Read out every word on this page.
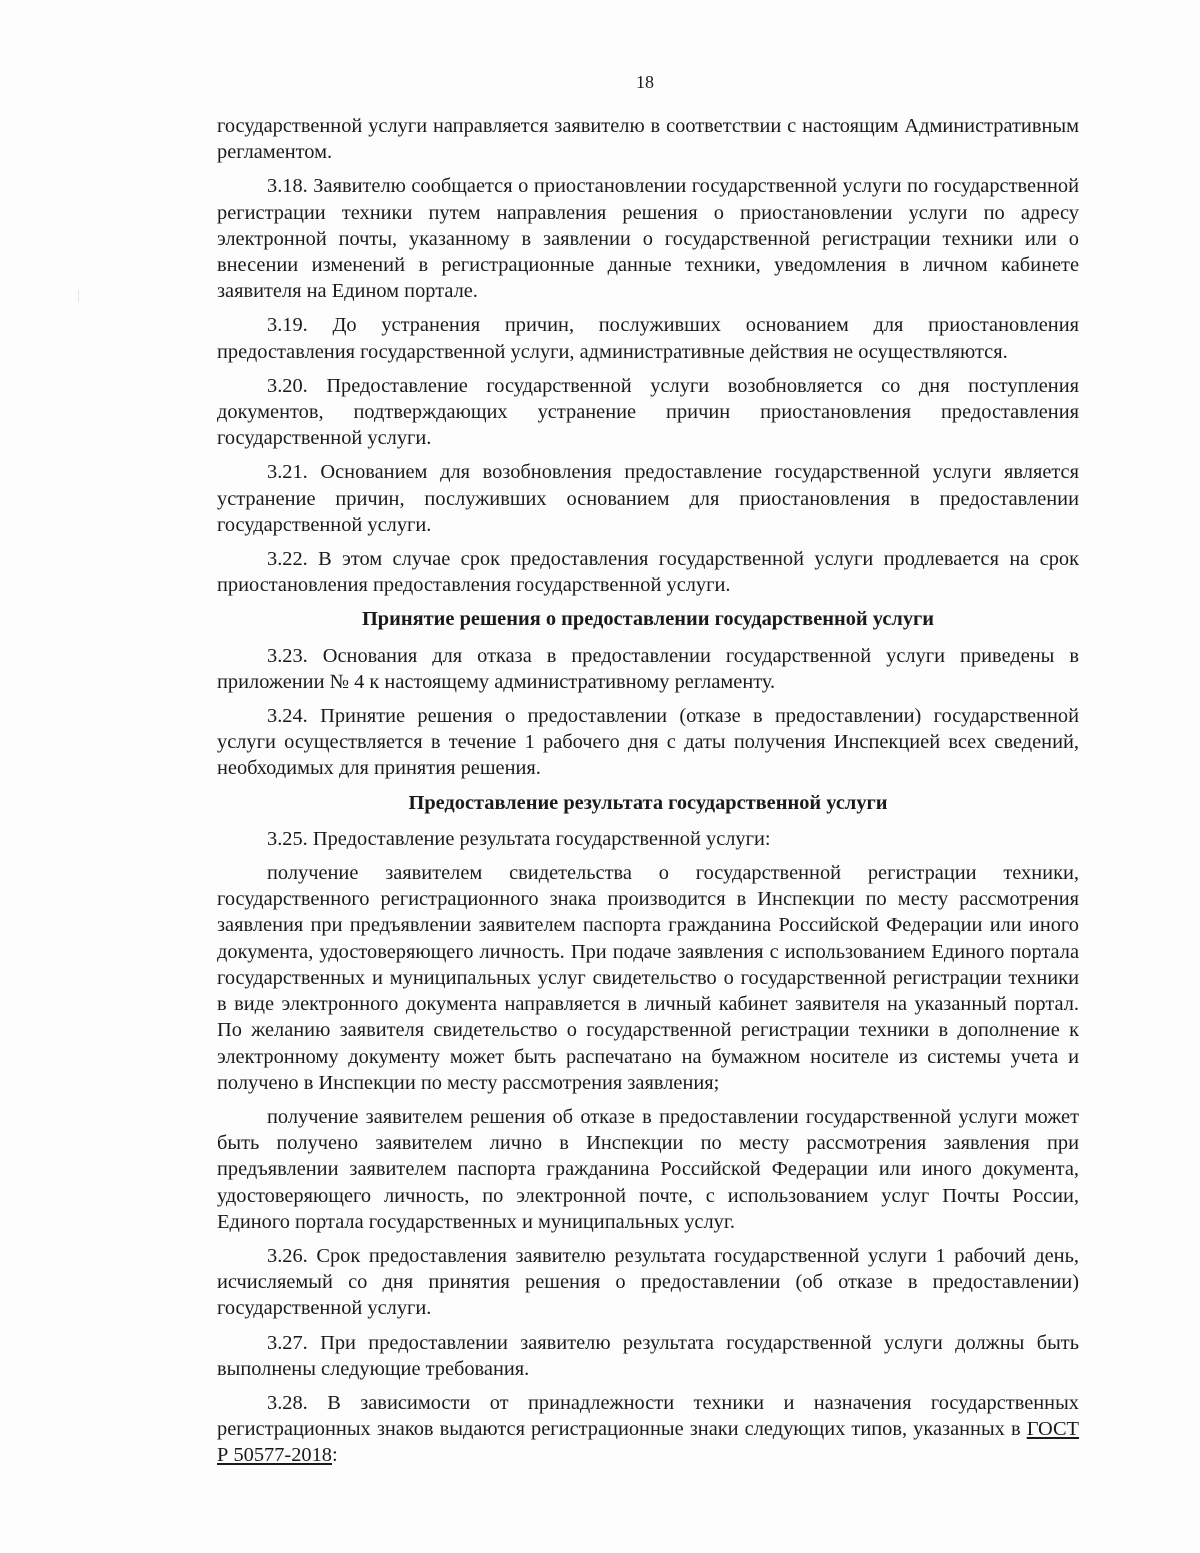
18

государственной услуги направляется заявителю в соответствии с настоящим Административным регламентом.

3.18. Заявителю сообщается о приостановлении государственной услуги по государственной регистрации техники путем направления решения о приостановлении услуги по адресу электронной почты, указанному в заявлении о государственной регистрации техники или о внесении изменений в регистрационные данные техники, уведомления в личном кабинете заявителя на Едином портале.

3.19. До устранения причин, послуживших основанием для приостановления предоставления государственной услуги, административные действия не осуществляются.

3.20. Предоставление государственной услуги возобновляется со дня поступления документов, подтверждающих устранение причин приостановления предоставления государственной услуги.

3.21. Основанием для возобновления предоставление государственной услуги является устранение причин, послуживших основанием для приостановления в предоставлении государственной услуги.

3.22. В этом случае срок предоставления государственной услуги продлевается на срок приостановления предоставления государственной услуги.

Принятие решения о предоставлении государственной услуги

3.23. Основания для отказа в предоставлении государственной услуги приведены в приложении № 4 к настоящему административному регламенту.

3.24. Принятие решения о предоставлении (отказе в предоставлении) государственной услуги осуществляется в течение 1 рабочего дня с даты получения Инспекцией всех сведений, необходимых для принятия решения.

Предоставление результата государственной услуги

3.25. Предоставление результата государственной услуги:

получение заявителем свидетельства о государственной регистрации техники, государственного регистрационного знака производится в Инспекции по месту рассмотрения заявления при предъявлении заявителем паспорта гражданина Российской Федерации или иного документа, удостоверяющего личность. При подаче заявления с использованием Единого портала государственных и муниципальных услуг свидетельство о государственной регистрации техники в виде электронного документа направляется в личный кабинет заявителя на указанный портал. По желанию заявителя свидетельство о государственной регистрации техники в дополнение к электронному документу может быть распечатано на бумажном носителе из системы учета и получено в Инспекции по месту рассмотрения заявления;

получение заявителем решения об отказе в предоставлении государственной услуги может быть получено заявителем лично в Инспекции по месту рассмотрения заявления при предъявлении заявителем паспорта гражданина Российской Федерации или иного документа, удостоверяющего личность, по электронной почте, с использованием услуг Почты России, Единого портала государственных и муниципальных услуг.

3.26. Срок предоставления заявителю результата государственной услуги 1 рабочий день, исчисляемый со дня принятия решения о предоставлении (об отказе в предоставлении) государственной услуги.

3.27. При предоставлении заявителю результата государственной услуги должны быть выполнены следующие требования.

3.28. В зависимости от принадлежности техники и назначения государственных регистрационных знаков выдаются регистрационные знаки следующих типов, указанных в ГОСТ Р 50577-2018:
